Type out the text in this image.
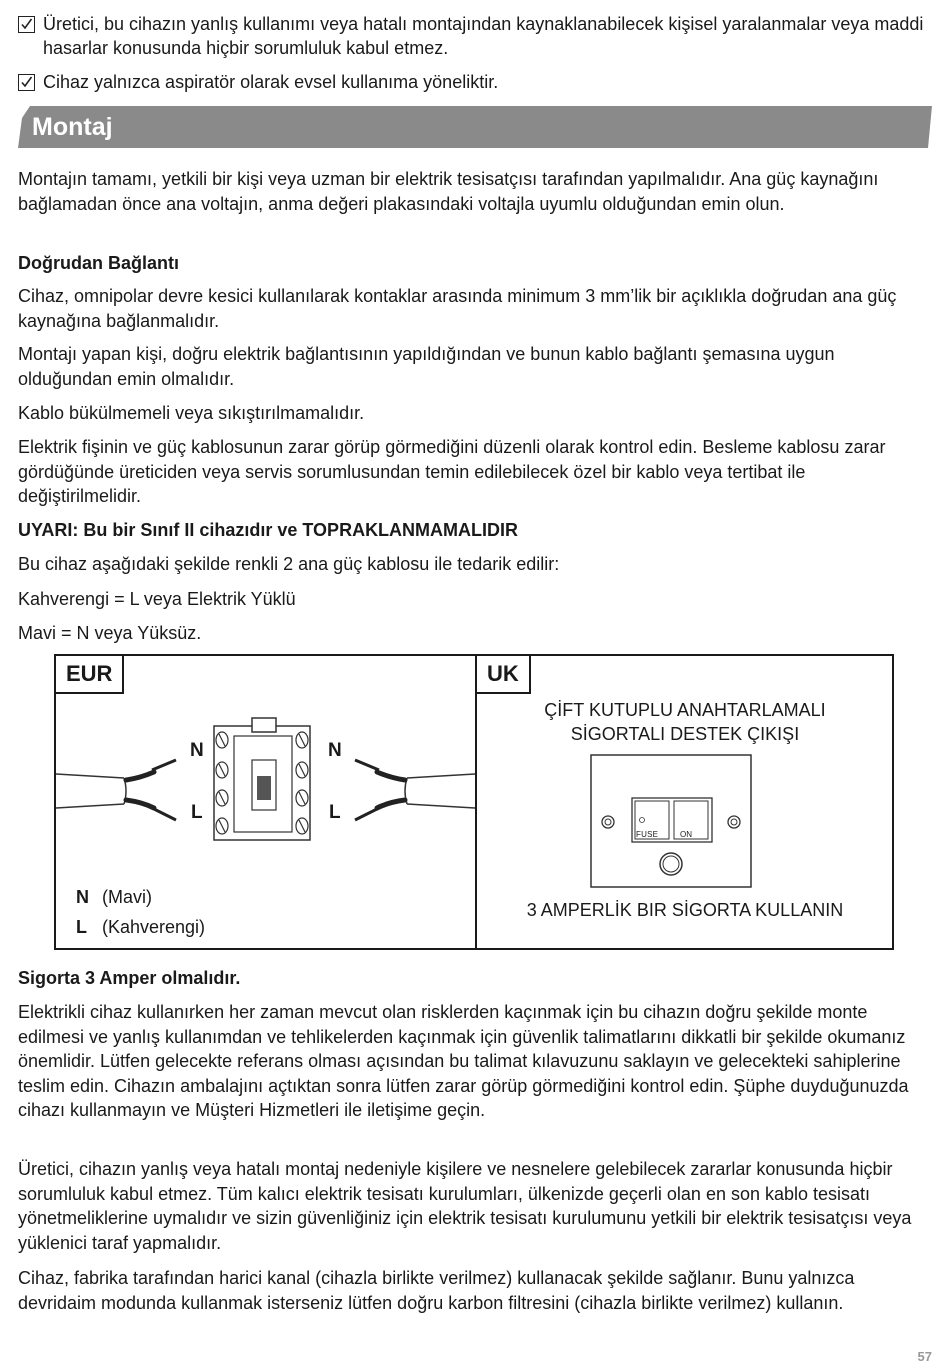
Üretici, bu cihazın yanlış kullanımı veya hatalı montajından kaynaklanabilecek kişisel yaralanmalar veya maddi hasarlar konusunda hiçbir sorumluluk kabul etmez.
Cihaz yalnızca aspiratör olarak evsel kullanıma yöneliktir.
Montaj

Montajın tamamı, yetkili bir kişi veya uzman bir elektrik tesisatçısı tarafından yapılmalıdır. Ana güç kaynağını bağlamadan önce ana voltajın, anma değeri plakasındaki voltajla uyumlu olduğundan emin olun.

Doğrudan Bağlantı

Cihaz, omnipolar devre kesici kullanılarak kontaklar arasında minimum 3 mm’lik bir açıklıkla doğrudan ana güç kaynağına bağlanmalıdır.

Montajı yapan kişi, doğru elektrik bağlantısının yapıldığından ve bunun kablo bağlantı şemasına uygun olduğundan emin olmalıdır.

Kablo bükülmemeli veya sıkıştırılmamalıdır.

Elektrik fişinin ve güç kablosunun zarar görüp görmediğini düzenli olarak kontrol edin. Besleme kablosu zarar gördüğünde üreticiden veya servis sorumlusundan temin edilebilecek özel bir kablo veya tertibat ile değiştirilmelidir.

UYARI: Bu bir Sınıf II cihazıdır ve TOPRAKLANMAMALIDIR

Bu cihaz aşağıdaki şekilde renkli 2 ana güç kablosu ile tedarik edilir:

Kahverengi = L veya Elektrik Yüklü

Mavi = N veya Yüksüz.

EUR	UK
N	N
L	L
N (Mavi)
L (Kahverengi)
ÇİFT KUTUPLU ANAHTARLAMALI
SİGORTALI DESTEK ÇIKIŞI
FUSE	ON
3 AMPERLİK BIR SİGORTA KULLANIN

Sigorta 3 Amper olmalıdır.

Elektrikli cihaz kullanırken her zaman mevcut olan risklerden kaçınmak için bu cihazın doğru şekilde monte edilmesi ve yanlış kullanımdan ve tehlikelerden kaçınmak için güvenlik talimatlarını dikkatli bir şekilde okumanız önemlidir. Lütfen gelecekte referans olması açısından bu talimat kılavuzunu saklayın ve gelecekteki sahiplerine teslim edin. Cihazın ambalajını açtıktan sonra lütfen zarar görüp görmediğini kontrol edin. Şüphe duyduğunuzda cihazı kullanmayın ve Müşteri Hizmetleri ile iletişime geçin.

Üretici, cihazın yanlış veya hatalı montaj nedeniyle kişilere ve nesnelere gelebilecek zararlar konusunda hiçbir sorumluluk kabul etmez. Tüm kalıcı elektrik tesisatı kurulumları, ülkenizde geçerli olan en son kablo tesisatı yönetmeliklerine uymalıdır ve sizin güvenliğiniz için elektrik tesisatı kurulumunu yetkili bir elektrik tesisatçısı veya yüklenici taraf yapmalıdır.

Cihaz, fabrika tarafından harici kanal (cihazla birlikte verilmez) kullanacak şekilde sağlanır. Bunu yalnızca devridaim modunda kullanmak isterseniz lütfen doğru karbon filtresini (cihazla birlikte verilmez) kullanın.

57
